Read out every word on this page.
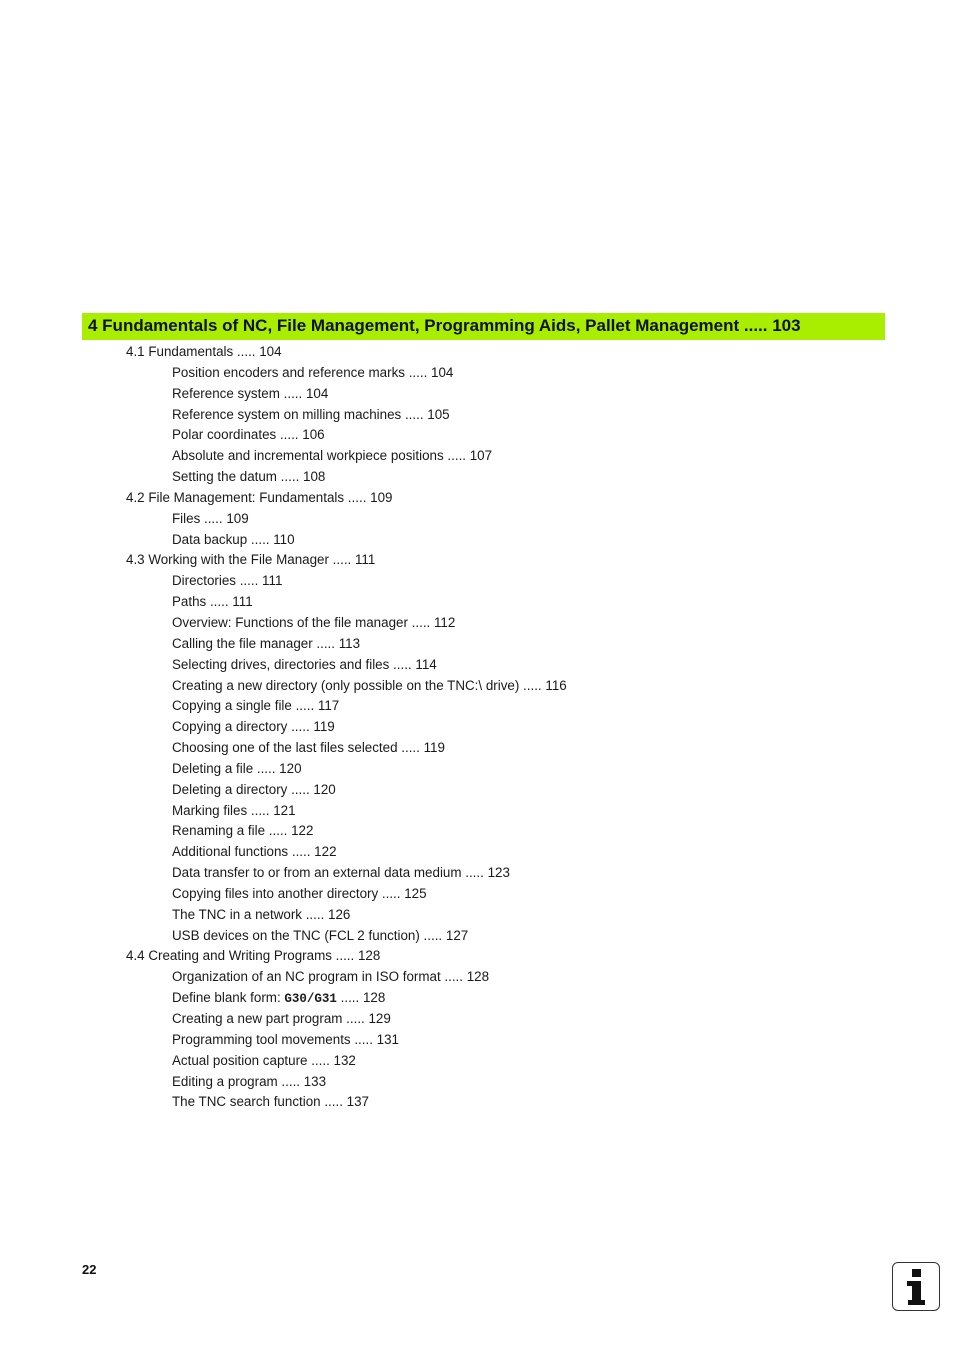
4 Fundamentals of NC, File Management, Programming Aids, Pallet Management ..... 103
4.1 Fundamentals ..... 104
Position encoders and reference marks ..... 104
Reference system ..... 104
Reference system on milling machines ..... 105
Polar coordinates ..... 106
Absolute and incremental workpiece positions ..... 107
Setting the datum ..... 108
4.2 File Management: Fundamentals ..... 109
Files ..... 109
Data backup ..... 110
4.3 Working with the File Manager ..... 111
Directories ..... 111
Paths ..... 111
Overview: Functions of the file manager ..... 112
Calling the file manager ..... 113
Selecting drives, directories and files ..... 114
Creating a new directory (only possible on the TNC:\ drive) ..... 116
Copying a single file ..... 117
Copying a directory ..... 119
Choosing one of the last files selected ..... 119
Deleting a file ..... 120
Deleting a directory ..... 120
Marking files ..... 121
Renaming a file ..... 122
Additional functions ..... 122
Data transfer to or from an external data medium ..... 123
Copying files into another directory ..... 125
The TNC in a network ..... 126
USB devices on the TNC (FCL 2 function) ..... 127
4.4 Creating and Writing Programs ..... 128
Organization of an NC program in ISO format ..... 128
Define blank form: G30/G31 ..... 128
Creating a new part program ..... 129
Programming tool movements ..... 131
Actual position capture ..... 132
Editing a program ..... 133
The TNC search function ..... 137
22
